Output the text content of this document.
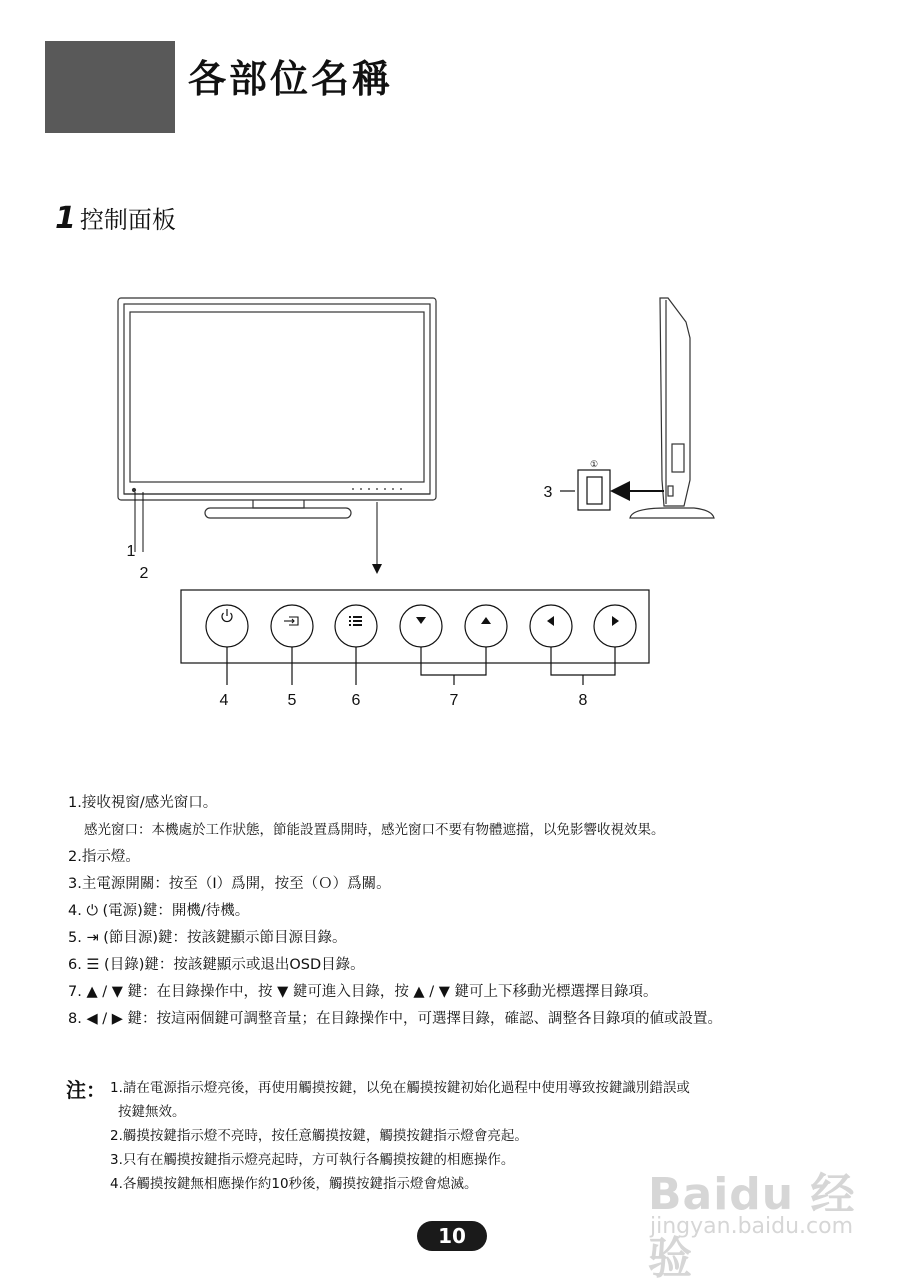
各部位名稱
1 控制面板
1
2
3
4	5	6	7	8
①

1.接收視窗/感光窗口。

感光窗口：本機處於工作狀態，節能設置爲開時，感光窗口不要有物體遮擋，以免影響收視效果。

2.指示燈。

3.主電源開關：按至（Ⅰ）爲開，按至（Ｏ）爲關。

4. ⏻ (電源)鍵：開機/待機。

5. ⇥ (節目源)鍵：按該鍵顯示節目源目錄。

6. ☰ (目錄)鍵：按該鍵顯示或退出OSD目錄。

7. ▲ / ▼ 鍵：在目錄操作中，按 ▼ 鍵可進入目錄，按 ▲ / ▼ 鍵可上下移動光標選擇目錄項。

8. ◀ / ▶ 鍵：按這兩個鍵可調整音量；在目錄操作中，可選擇目錄，確認、調整各目錄項的値或設置。

注： 1.請在電源指示燈亮後，再使用觸摸按鍵，以免在觸摸按鍵初始化過程中使用導致按鍵識別錯誤或
按鍵無效。
2.觸摸按鍵指示燈不亮時，按任意觸摸按鍵，觸摸按鍵指示燈會亮起。
3.只有在觸摸按鍵指示燈亮起時，方可執行各觸摸按鍵的相應操作。
4.各觸摸按鍵無相應操作約10秒後，觸摸按鍵指示燈會熄滅。	Baidu 经验
jingyan.baidu.com
10
